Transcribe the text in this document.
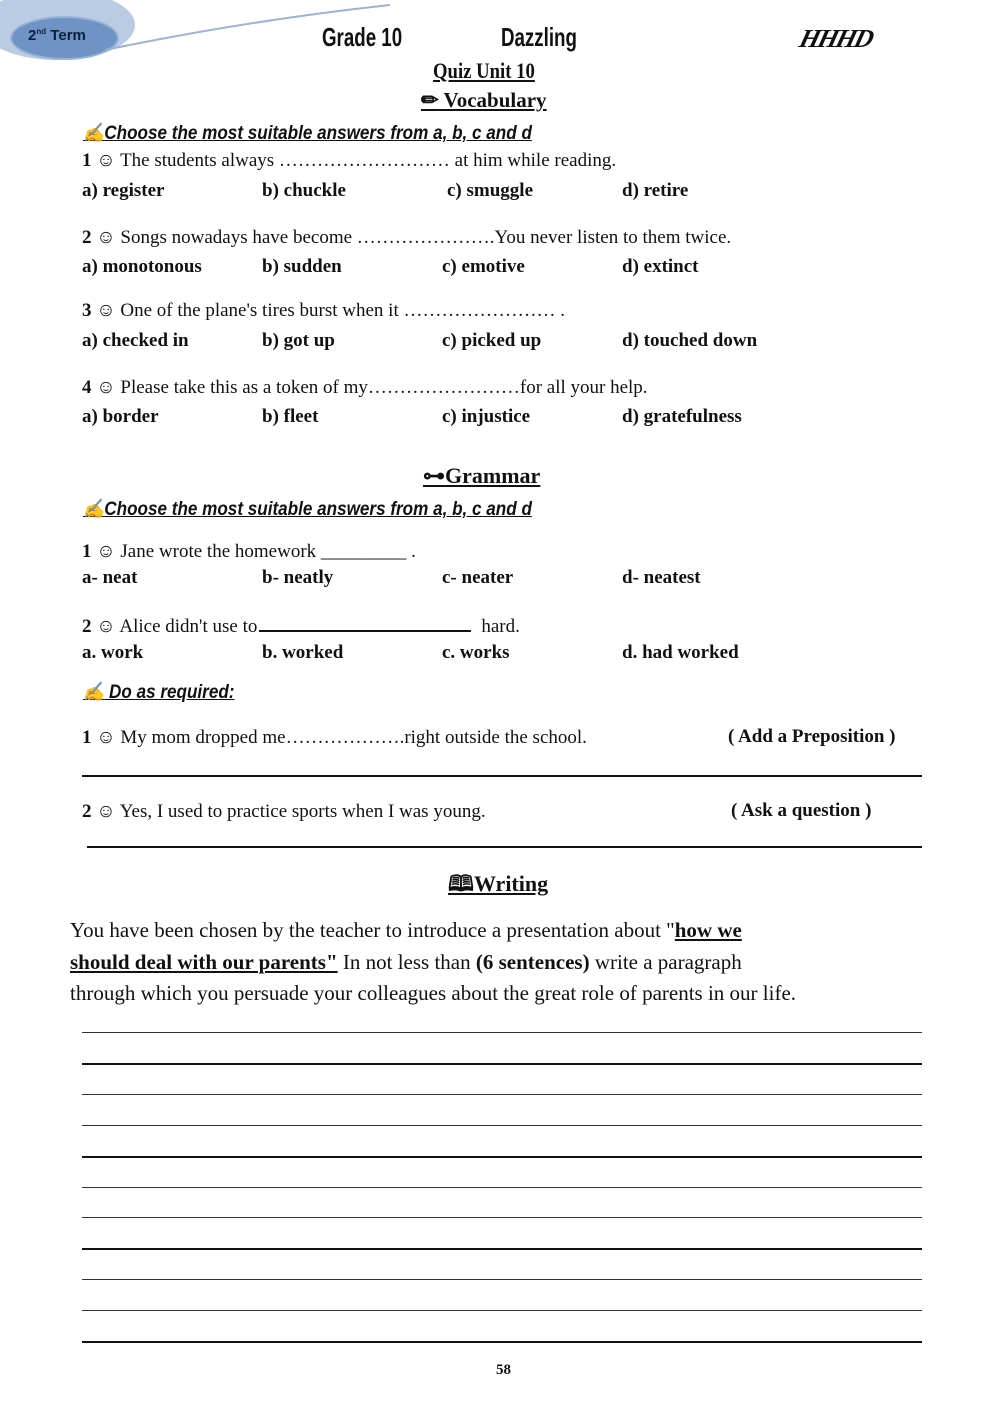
2nd Term	Grade 10	Dazzling	HHHD
Quiz Unit 10
✏ Vocabulary
✍Choose the most suitable answers from a, b, c and d
1 ☺ The students always ……………………… at him while reading.
a) register	b) chuckle	c) smuggle	d) retire
2 ☺ Songs nowadays have become ………………….You never listen to them twice.
a) monotonous	b) sudden	c) emotive	d) extinct
3 ☺ One of the plane's tires burst when it …………………… .
a) checked in	b) got up	c) picked up	d) touched down
4 ☺ Please take this as a token of my……………………for all your help.
a) border	b) fleet	c) injustice	d) gratefulness
⊶Grammar
✍Choose the most suitable answers from a, b, c and d
1 ☺ Jane wrote the homework _________ .
2 ☺ Alice didn't use to	hard.
a- neat	b- neatly	c- neater	d- neatest
a. work	b. worked	c. works	d. had worked
✍ Do as required:
1 ☺ My mom dropped me……………….right outside the school.	( Add a Preposition )
2 ☺ Yes, I used to practice sports when I was young.	( Ask a question )
🕮Writing
You have been chosen by the teacher to introduce a presentation about "how we
should deal with our parents" In not less than (6 sentences) write a paragraph
through which you persuade your colleagues about the great role of parents in our life.
58
